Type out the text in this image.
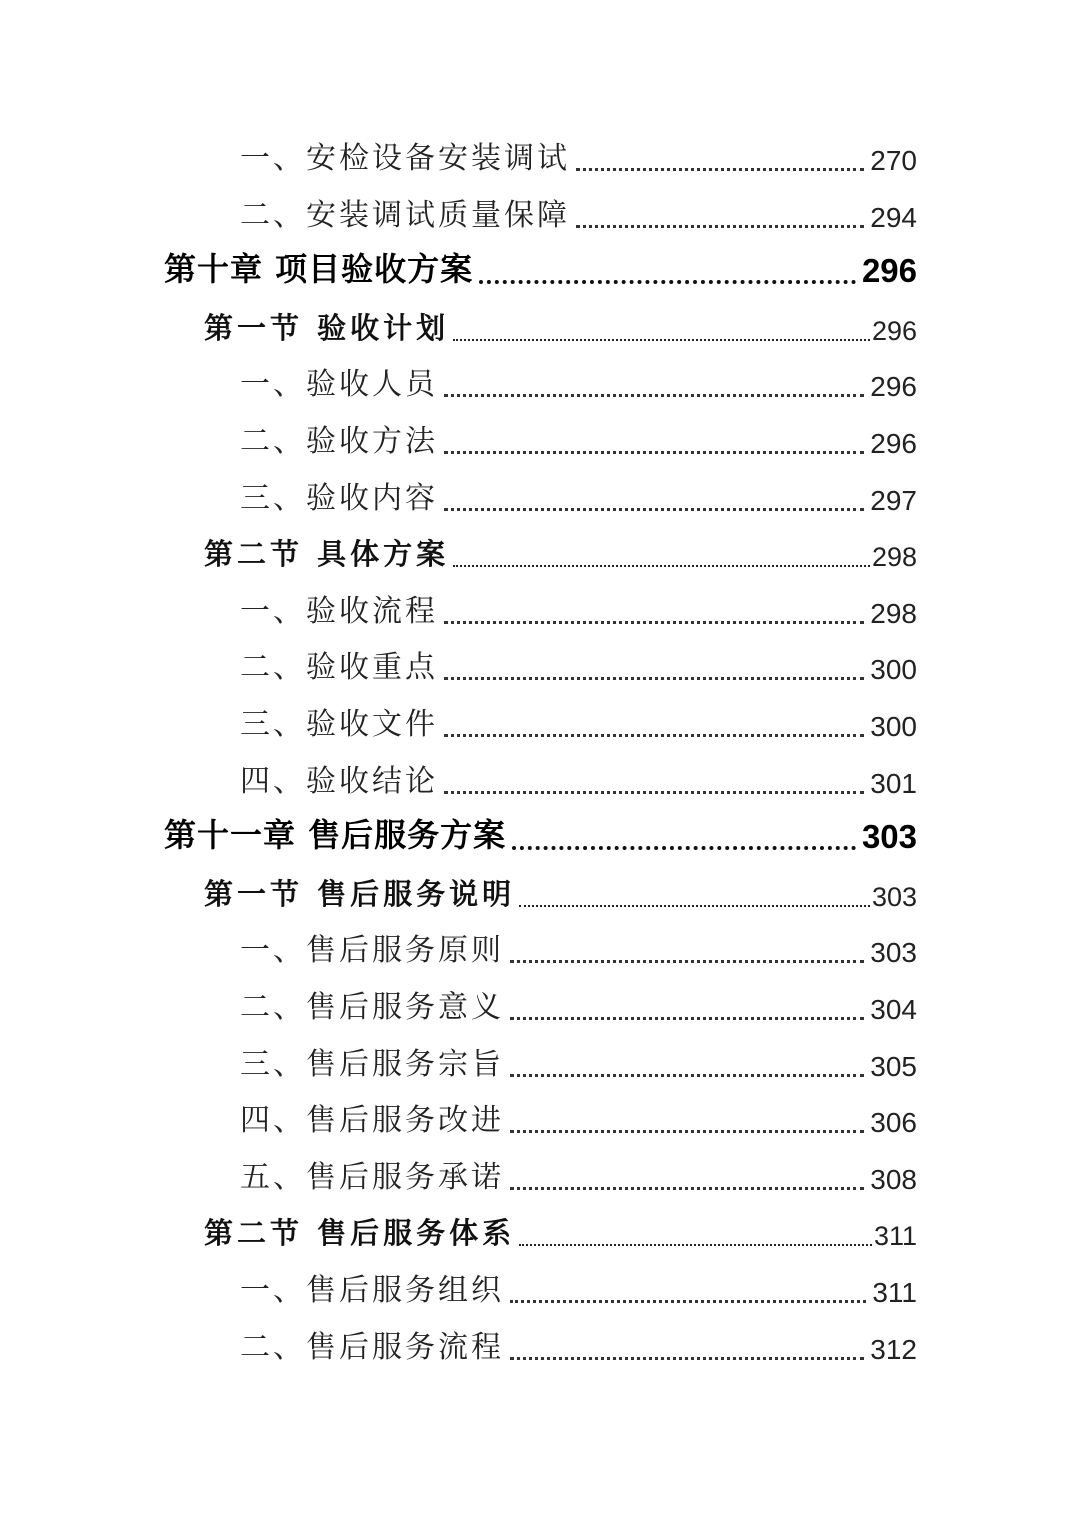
一、安检设备安装调试	270
二、安装调试质量保障	294
第十章 项目验收方案	296
第一节 验收计划	296
一、验收人员	296
二、验收方法	296
三、验收内容	297
第二节 具体方案	298
一、验收流程	298
二、验收重点	300
三、验收文件	300
四、验收结论	301
第十一章 售后服务方案	303
第一节 售后服务说明	303
一、售后服务原则	303
二、售后服务意义	304
三、售后服务宗旨	305
四、售后服务改进	306
五、售后服务承诺	308
第二节 售后服务体系	311
一、售后服务组织	311
二、售后服务流程	312
